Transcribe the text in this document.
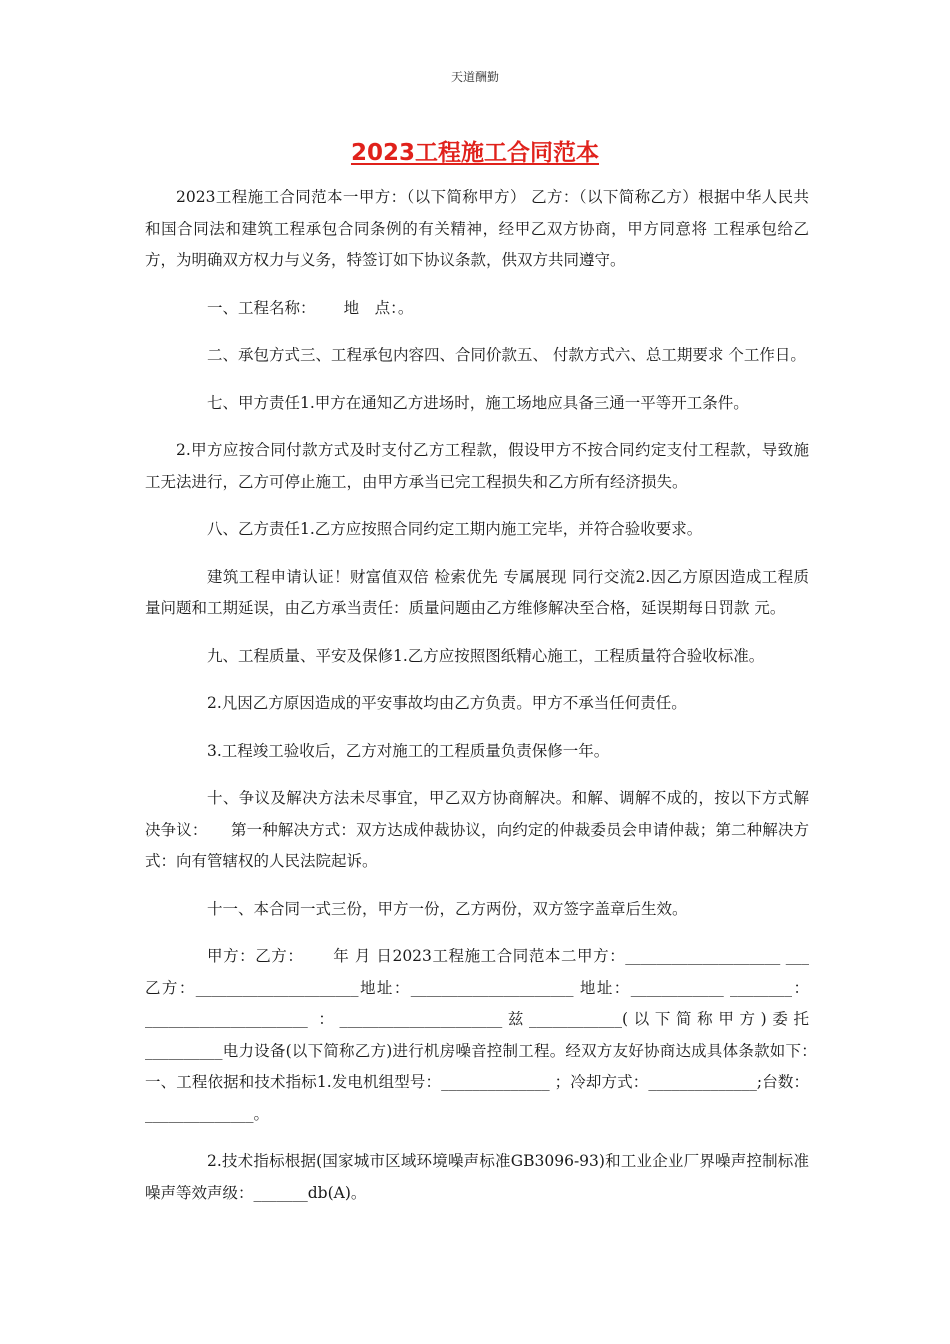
天道酬勤
2023工程施工合同范本

2023工程施工合同范本一甲方：（以下简称甲方） 乙方：（以下简称乙方）根据中华人民共和国合同法和建筑工程承包合同条例的有关精神，经甲乙双方协商，甲方同意将 工程承包给乙方，为明确双方权力与义务，特签订如下协议条款，供双方共同遵守。

一、工程名称：　　 地　点：。

二、承包方式三、工程承包内容四、合同价款五、 付款方式六、总工期要求 个工作日。

七、甲方责任1.甲方在通知乙方进场时，施工场地应具备三通一平等开工条件。

2.甲方应按合同付款方式及时支付乙方工程款，假设甲方不按合同约定支付工程款，导致施工无法进行，乙方可停止施工，由甲方承当已完工程损失和乙方所有经济损失。

八、乙方责任1.乙方应按照合同约定工期内施工完毕，并符合验收要求。

建筑工程申请认证！财富值双倍 检索优先 专属展现 同行交流2.因乙方原因造成工程质量问题和工期延误，由乙方承当责任：质量问题由乙方维修解决至合格，延误期每日罚款 元。

九、工程质量、平安及保修1.乙方应按照图纸精心施工，工程质量符合验收标准。

2.凡因乙方原因造成的平安事故均由乙方负责。甲方不承当任何责任。

3.工程竣工验收后，乙方对施工的工程质量负责保修一年。

十、争议及解决方法未尽事宜，甲乙双方协商解决。和解、调解不成的，按以下方式解决争议：　　第一种解决方式：双方达成仲裁协议，向约定的仲裁委员会申请仲裁；第二种解决方式：向有管辖权的人民法院起诉。

十一、本合同一式三份，甲方一份，乙方两份，双方签字盖章后生效。

甲方：乙方：　　 年 月 日2023工程施工合同范本二甲方：____________________ ___ 乙方：_____________________地址：_____________________ 地址：____________ ________：_____________________ ：_____________________兹____________(以下简称甲方)委托__________电力设备(以下简称乙方)进行机房噪音控制工程。经双方友好协商达成具体条款如下：　　一、工程依据和技术指标1.发电机组型号：______________ ；冷却方式：______________;台数：______________。

2.技术指标根据(国家城市区域环境噪声标准GB3096-93)和工业企业厂界噪声控制标准噪声等效声级：_______db(A)。
